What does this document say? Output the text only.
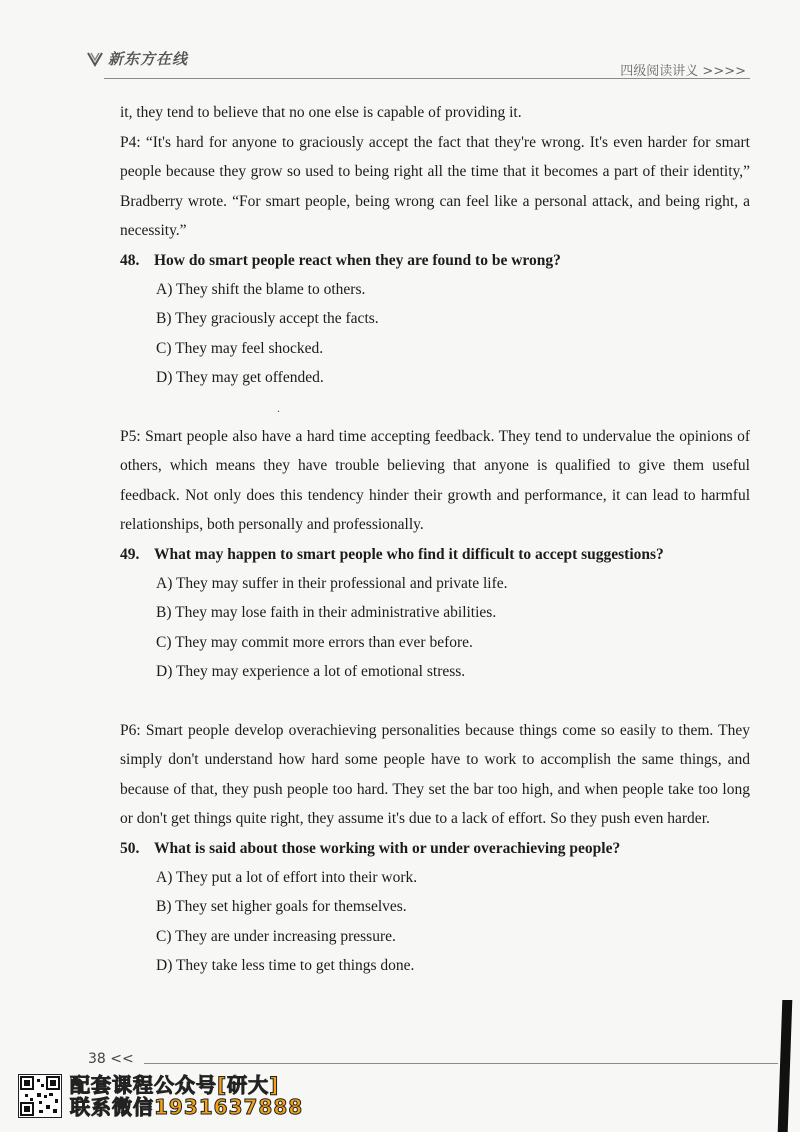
新东方在线
四级阅读讲义 >>>>

it, they tend to believe that no one else is capable of providing it.

P4: “It's hard for anyone to graciously accept the fact that they're wrong. It's even harder for smart people because they grow so used to being right all the time that it becomes a part of their identity,” Bradberry wrote. “For smart people, being wrong can feel like a personal attack, and being right, a necessity.”

48. How do smart people react when they are found to be wrong?

A) They shift the blame to others.

B) They graciously accept the facts.

C) They may feel shocked.

D) They may get offended.

.

P5: Smart people also have a hard time accepting feedback. They tend to undervalue the opinions of others, which means they have trouble believing that anyone is qualified to give them useful feedback. Not only does this tendency hinder their growth and performance, it can lead to harmful relationships, both personally and professionally.

49. What may happen to smart people who find it difficult to accept suggestions?

A) They may suffer in their professional and private life.

B) They may lose faith in their administrative abilities.

C) They may commit more errors than ever before.

D) They may experience a lot of emotional stress.

P6: Smart people develop overachieving personalities because things come so easily to them. They simply don't understand how hard some people have to work to accomplish the same things, and because of that, they push people too hard. They set the bar too high, and when people take too long or don't get things quite right, they assume it's due to a lack of effort. So they push even harder.

50. What is said about those working with or under overachieving people?

A) They put a lot of effort into their work.

B) They set higher goals for themselves.

C) They are under increasing pressure.

D) They take less time to get things done.

38 <<
配套课程公众号[研大]
联系微信1931637888
